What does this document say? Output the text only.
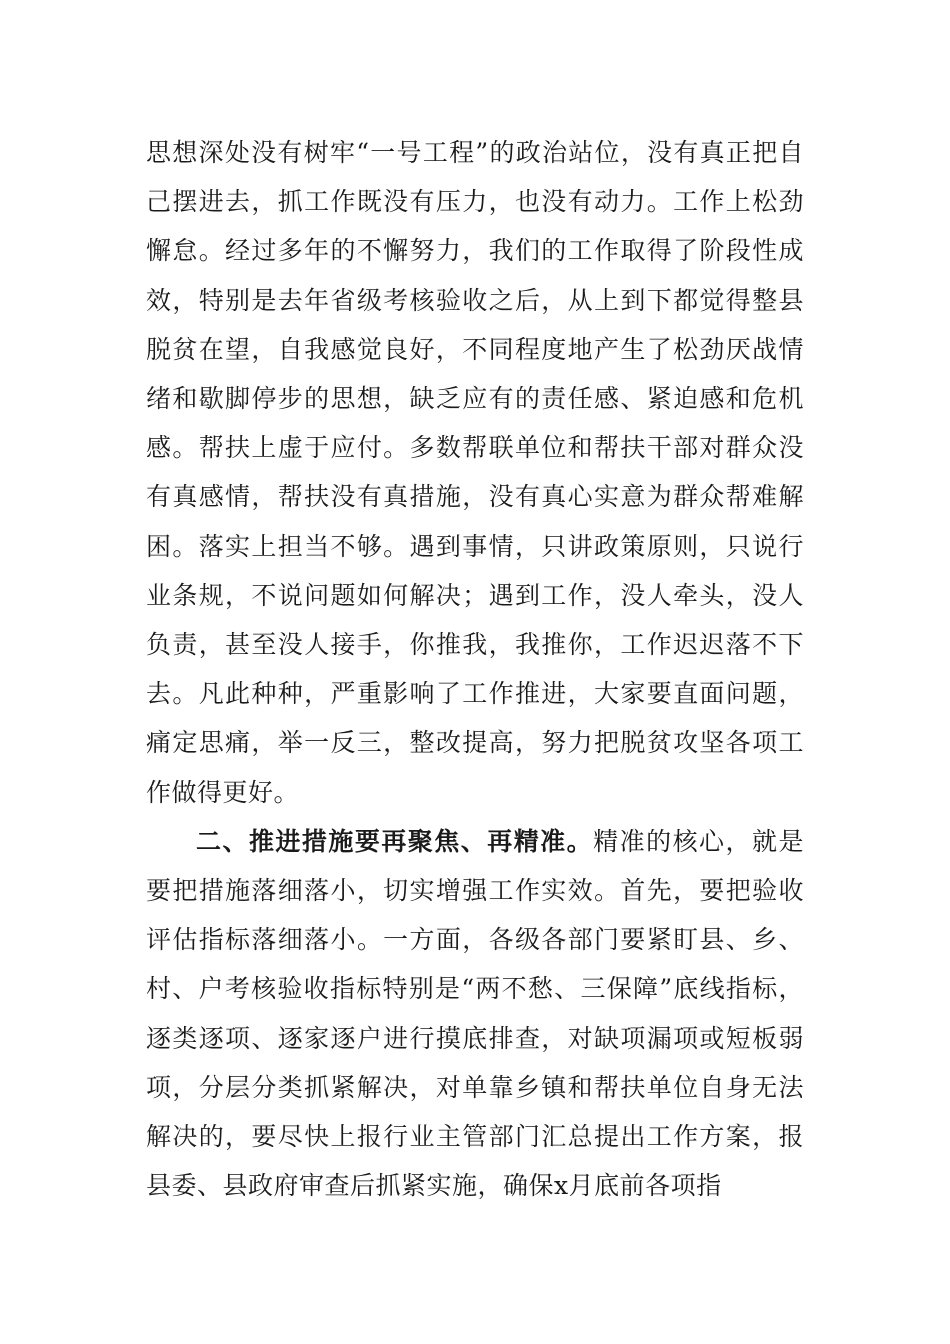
思想深处没有树牢“一号工程”的政治站位，没有真正把自己摆进去，抓工作既没有压力，也没有动力。工作上松劲懈怠。经过多年的不懈努力，我们的工作取得了阶段性成效，特别是去年省级考核验收之后，从上到下都觉得整县脱贫在望，自我感觉良好，不同程度地产生了松劲厌战情绪和歇脚停步的思想，缺乏应有的责任感、紧迫感和危机感。帮扶上虚于应付。多数帮联单位和帮扶干部对群众没有真感情，帮扶没有真措施，没有真心实意为群众帮难解困。落实上担当不够。遇到事情，只讲政策原则，只说行业条规，不说问题如何解决；遇到工作，没人牵头，没人负责，甚至没人接手，你推我，我推你，工作迟迟落不下去。凡此种种，严重影响了工作推进，大家要直面问题，痛定思痛，举一反三，整改提高，努力把脱贫攻坚各项工作做得更好。

二、推进措施要再聚焦、再精准。精准的核心，就是要把措施落细落小，切实增强工作实效。首先，要把验收评估指标落细落小。一方面，各级各部门要紧盯县、乡、村、户考核验收指标特别是“两不愁、三保障”底线指标，逐类逐项、逐家逐户进行摸底排查，对缺项漏项或短板弱项，分层分类抓紧解决，对单靠乡镇和帮扶单位自身无法解决的，要尽快上报行业主管部门汇总提出工作方案，报县委、县政府审查后抓紧实施，确保x月底前各项指
